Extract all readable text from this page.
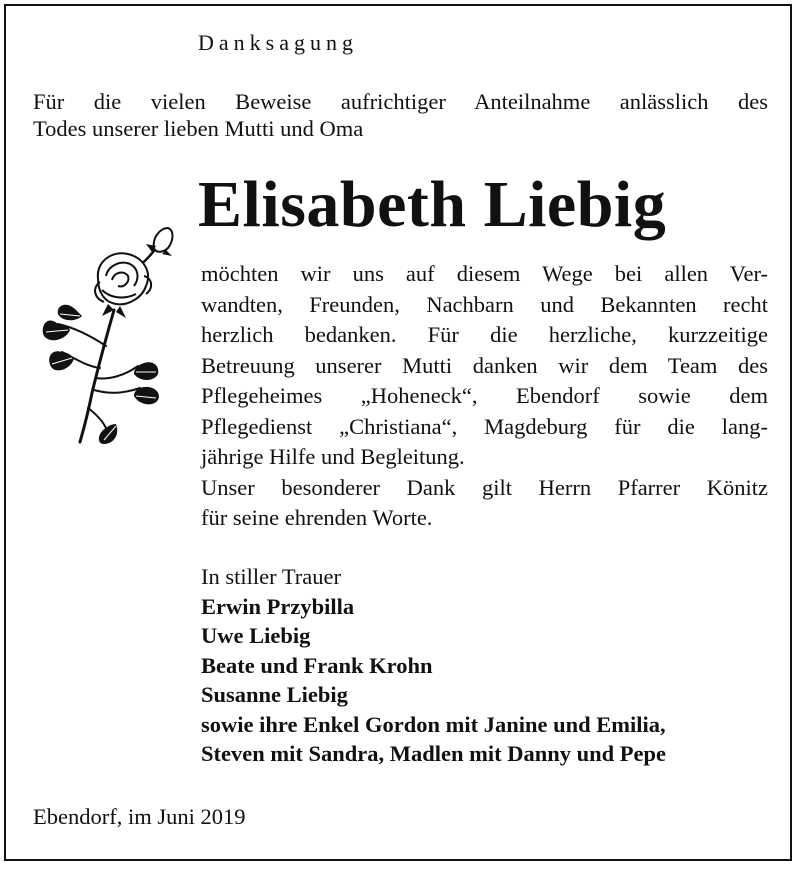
Danksagung
Für die vielen Beweise aufrichtiger Anteilnahme anlässlich des
Todes unserer lieben Mutti und Oma
Elisabeth Liebig
möchten wir uns auf diesem Wege bei allen Ver-
wandten, Freunden, Nachbarn und Bekannten recht
herzlich bedanken. Für die herzliche, kurzzeitige
Betreuung unserer Mutti danken wir dem Team des
Pflegeheimes „Hoheneck“, Ebendorf sowie dem
Pflegedienst „Christiana“, Magdeburg für die lang-
jährige Hilfe und Begleitung.
Unser besonderer Dank gilt Herrn Pfarrer Könitz
für seine ehrenden Worte.
In stiller Trauer
Erwin Przybilla
Uwe Liebig
Beate und Frank Krohn
Susanne Liebig
sowie ihre Enkel Gordon mit Janine und Emilia,
Steven mit Sandra, Madlen mit Danny und Pepe
Ebendorf, im Juni 2019
